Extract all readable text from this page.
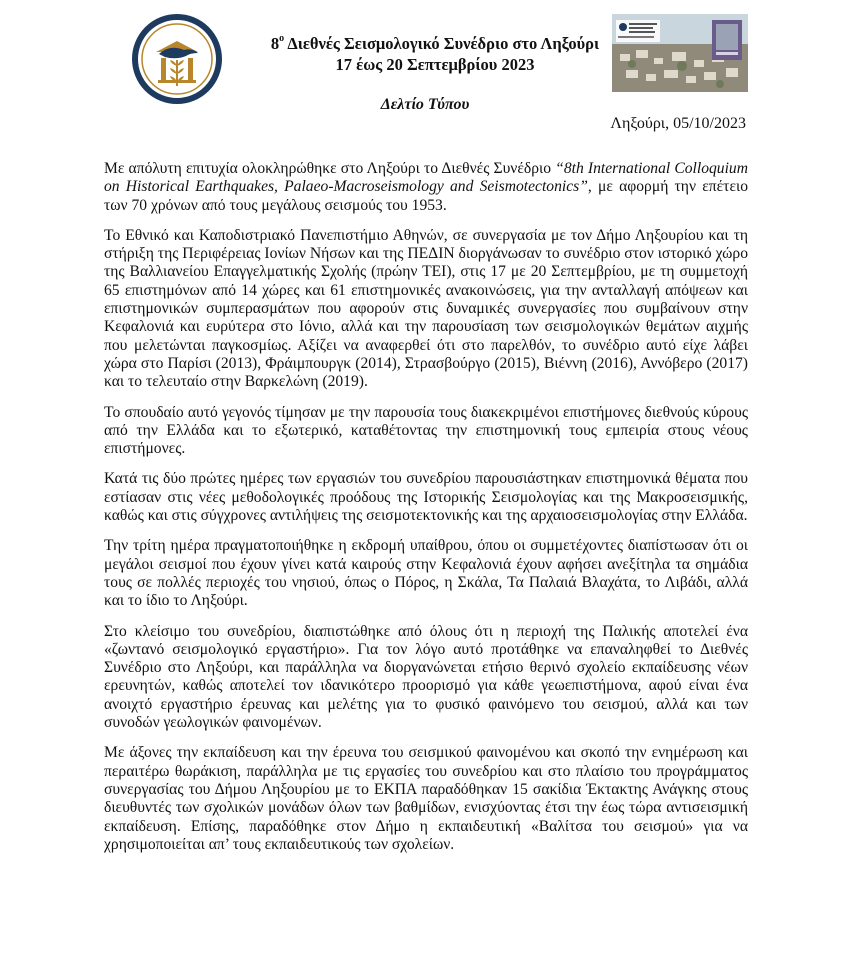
$8^o$ Διεθνές Σεισμολογικό Συνέδριο στο Ληξούρι
17 έως 20 Σεπτεμβρίου 2023
Δελτίο Τύπου
Ληξούρι, 05/10/2023

Με απόλυτη επιτυχία ολοκληρώθηκε στο Ληξούρι το Διεθνές Συνέδριο “8th International Colloquium on Historical Earthquakes, Palaeo-Macroseismology and Seismotectonics”, με αφορμή την επέτειο των 70 χρόνων από τους μεγάλους σεισμούς του 1953.

Το Εθνικό και Καποδιστριακό Πανεπιστήμιο Αθηνών, σε συνεργασία με τον Δήμο Ληξουρίου και τη στήριξη της Περιφέρειας Ιονίων Νήσων και της ΠΕΔΙΝ διοργάνωσαν το συνέδριο στον ιστορικό χώρο της Βαλλιανείου Επαγγελματικής Σχολής (πρώην ΤΕΙ), στις 17 με 20 Σεπτεμβρίου, με τη συμμετοχή 65 επιστημόνων από 14 χώρες και 61 επιστημονικές ανακοινώσεις, για την ανταλλαγή απόψεων και επιστημονικών συμπερασμάτων που αφορούν στις δυναμικές συνεργασίες που συμβαίνουν στην Κεφαλονιά και ευρύτερα στο Ιόνιο, αλλά και την παρουσίαση των σεισμολογικών θεμάτων αιχμής που μελετώνται παγκοσμίως. Αξίζει να αναφερθεί ότι στο παρελθόν, το συνέδριο αυτό είχε λάβει χώρα στο Παρίσι (2013), Φράιμπουργκ (2014), Στρασβούργο (2015), Βιέννη (2016), Αννόβερο (2017) και το τελευταίο στην Βαρκελώνη (2019).

Το σπουδαίο αυτό γεγονός τίμησαν με την παρουσία τους διακεκριμένοι επιστήμονες διεθνούς κύρους από την Ελλάδα και το εξωτερικό, καταθέτοντας την επιστημονική τους εμπειρία στους νέους επιστήμονες.

Κατά τις δύο πρώτες ημέρες των εργασιών του συνεδρίου παρουσιάστηκαν επιστημονικά θέματα που εστίασαν στις νέες μεθοδολογικές προόδους της Ιστορικής Σεισμολογίας και της Μακροσεισμικής, καθώς και στις σύγχρονες αντιλήψεις της σεισμοτεκτονικής και της αρχαιοσεισμολογίας στην Ελλάδα.

Την τρίτη ημέρα πραγματοποιήθηκε η εκδρομή υπαίθρου, όπου οι συμμετέχοντες διαπίστωσαν ότι οι μεγάλοι σεισμοί που έχουν γίνει κατά καιρούς στην Κεφαλονιά έχουν αφήσει ανεξίτηλα τα σημάδια τους σε πολλές περιοχές του νησιού, όπως ο Πόρος, η Σκάλα, Τα Παλαιά Βλαχάτα, το Λιβάδι, αλλά και το ίδιο το Ληξούρι.

Στο κλείσιμο του συνεδρίου, διαπιστώθηκε από όλους ότι η περιοχή της Παλικής αποτελεί ένα «ζωντανό σεισμολογικό εργαστήριο». Για τον λόγο αυτό προτάθηκε να επαναληφθεί το Διεθνές Συνέδριο στο Ληξούρι, και παράλληλα να διοργανώνεται ετήσιο θερινό σχολείο εκπαίδευσης νέων ερευνητών, καθώς αποτελεί τον ιδανικότερο προορισμό για κάθε γεωεπιστήμονα, αφού είναι ένα ανοιχτό εργαστήριο έρευνας και μελέτης για το φυσικό φαινόμενο του σεισμού, αλλά και των συνοδών γεωλογικών φαινομένων.

Με άξονες την εκπαίδευση και την έρευνα του σεισμικού φαινομένου και σκοπό την ενημέρωση και περαιτέρω θωράκιση, παράλληλα με τις εργασίες του συνεδρίου και στο πλαίσιο του προγράμματος συνεργασίας του Δήμου Ληξουρίου με το ΕΚΠΑ παραδόθηκαν 15 σακίδια Έκτακτης Ανάγκης στους διευθυντές των σχολικών μονάδων όλων των βαθμίδων, ενισχύοντας έτσι την έως τώρα αντισεισμική εκπαίδευση. Επίσης, παραδόθηκε στον Δήμο η εκπαιδευτική «Βαλίτσα του σεισμού» για να χρησιμοποιείται απ’ τους εκπαιδευτικούς των σχολείων.
